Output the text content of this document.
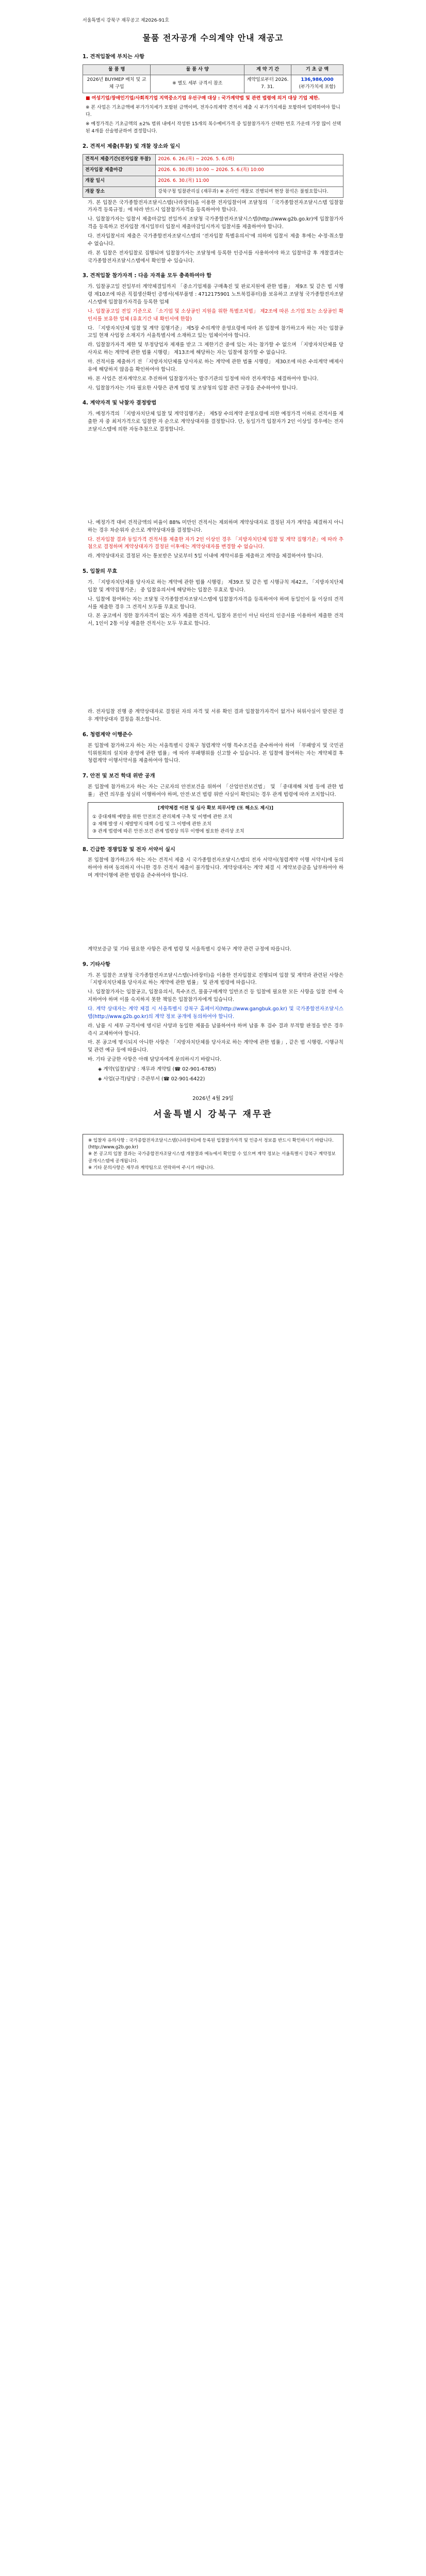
서울특별시 강북구 재무공고 제2026-91호
물품 전자공개 수의계약 안내 재공고
1. 견적입찰에 부치는 사항
물 품 명	물 품 사 양	계 약 기 간	기 초 금 액
2026년 BUYMEP 배치 및 교체 구입	※ 별도 세부 규격서 참조	계약일로부터 2026. 7. 31.	136,986,000
(부가가치세 포함)
■ 여성기업/장애인기업/사회적기업 지역중소기업 우선구매 대상 : 국가계약법 및 관련 법령에 의거 대상 기업 제한.
※ 본 사업은 기초금액에 부가가치세가 포함된 금액이며, 전자수의계약 견적서 제출 시 부가가치세를 포함하여 입력하여야 합니다.
※ 예정가격은 기초금액의 ±2% 범위 내에서 작성한 15개의 복수예비가격 중 입찰참가자가 선택한 번호 가운데 가장 많이 선택된 4개를 산술평균하여 결정합니다.
2. 견적서 제출(투찰) 및 개찰 장소와 일시
견적서 제출기간(전자입찰 투찰)	2026. 6. 26.(목) ~ 2026. 5. 6.(화)
전자입찰 제출마감	2026. 6. 30.(화) 10:00 ~ 2026. 5. 6.(목) 10:00
개찰 일시	2026. 6. 30.(목) 11:00
개찰 장소	강북구청 입찰관리실 (재무과) ※ 온라인 개찰로 진행되며 현장 참석은 불필요합니다.
가. 본 입찰은 국가종합전자조달시스템(나라장터)을 이용한 전자입찰이며 조달청의 「국가종합전자조달시스템 입찰참가자격 등록규정」에 따라 반드시 입찰참가자격을 등록하여야 합니다.
나. 입찰참가자는 입찰서 제출마감일 전일까지 조달청 국가종합전자조달시스템(http://www.g2b.go.kr)에 입찰참가자격을 등록하고 전자입찰 개시일부터 입찰서 제출마감일시까지 입찰서를 제출하여야 합니다.
다. 전자입찰서의 제출은 국가종합전자조달시스템의 ‘전자입찰 특별유의서’에 의하며 입찰서 제출 후에는 수정·취소할 수 없습니다.
라. 본 입찰은 전자입찰로 집행되며 입찰참가자는 조달청에 등록한 인증서를 사용하여야 하고 입찰마감 후 개찰결과는 국가종합전자조달시스템에서 확인할 수 있습니다.
3. 견적입찰 참가자격 : 다음 자격을 모두 충족하여야 함
가. 입찰공고일 전일부터 계약체결일까지 「중소기업제품 구매촉진 및 판로지원에 관한 법률」 제9조 및 같은 법 시행령 제10조에 따른 직접생산확인 증명서(세부품명 : 4712175901 노트북컴퓨터)를 보유하고 조달청 국가종합전자조달시스템에 입찰참가자격을 등록한 업체
나. 입찰공고일 전일 기준으로 「소기업 및 소상공인 지원을 위한 특별조치법」 제2조에 따른 소기업 또는 소상공인 확인서를 보유한 업체 (유효기간 내 확인서에 한함)
다. 「지방자치단체 입찰 및 계약 집행기준」 제5장 수의계약 운영요령에 따라 본 입찰에 참가하고자 하는 자는 입찰공고일 현재 사업장 소재지가 서울특별시에 소재하고 있는 업체이어야 합니다.
라. 입찰참가자격 제한 및 부정당업자 제재를 받고 그 제한기간 중에 있는 자는 참가할 수 없으며 「지방자치단체를 당사자로 하는 계약에 관한 법률 시행령」 제13조에 해당하는 자는 입찰에 참가할 수 없습니다.
마. 견적서를 제출하기 전 「지방자치단체를 당사자로 하는 계약에 관한 법률 시행령」 제30조에 따른 수의계약 배제사유에 해당하지 않음을 확인하여야 합니다.
바. 본 사업은 전자계약으로 추진하며 입찰참가자는 발주기관의 일정에 따라 전자계약을 체결하여야 합니다.
사. 입찰참가자는 기타 필요한 사항은 관계 법령 및 조달청의 입찰 관련 규정을 준수하여야 합니다.
4. 계약자격 및 낙찰자 결정방법
가. 예정가격의 「지방자치단체 입찰 및 계약집행기준」 제5장 수의계약 운영요령에 의한 예정가격 이하로 견적서를 제출한 자 중 최저가격으로 입찰한 자 순으로 계약상대자를 결정합니다. 단, 동일가격 입찰자가 2인 이상일 경우에는 전자조달시스템에 의한 자동추첨으로 결정합니다.
나. 예정가격 대비 견적금액의 비율이 88% 미만인 견적서는 제외하며 계약상대자로 결정된 자가 계약을 체결하지 아니하는 경우 차순위자 순으로 계약상대자를 결정합니다.
다. 전자입찰 결과 동일가격 견적서를 제출한 자가 2인 이상인 경우 「지방자치단체 입찰 및 계약 집행기준」에 따라 추첨으로 결정하며 계약상대자가 결정된 이후에는 계약상대자를 변경할 수 없습니다.
라. 계약상대자로 결정된 자는 통보받은 날로부터 5일 이내에 계약서류를 제출하고 계약을 체결하여야 합니다.
5. 입찰의 무효
가. 「지방자치단체를 당사자로 하는 계약에 관한 법률 시행령」 제39조 및 같은 법 시행규칙 제42조, 「지방자치단체 입찰 및 계약집행기준」 중 입찰유의서에 해당하는 입찰은 무효로 합니다.
나. 입찰에 참여하는 자는 조달청 국가종합전자조달시스템에 입찰참가자격을 등록하여야 하며 동일인이 둘 이상의 견적서를 제출한 경우 그 견적서 모두를 무효로 합니다.
다. 본 공고에서 정한 참가자격이 없는 자가 제출한 견적서, 입찰자 본인이 아닌 타인의 인증서를 이용하여 제출한 견적서, 1인이 2통 이상 제출한 견적서는 모두 무효로 합니다.
라. 전자입찰 진행 중 계약상대자로 결정된 자의 자격 및 서류 확인 결과 입찰참가자격이 없거나 허위사실이 발견된 경우 계약상대자 결정을 취소합니다.
6. 청렴계약 이행준수
본 입찰에 참가하고자 하는 자는 서울특별시 강북구 청렴계약 이행 특수조건을 준수하여야 하며 「부패방지 및 국민권익위원회의 설치와 운영에 관한 법률」에 따라 부패행위를 신고할 수 있습니다. 본 입찰에 참여하는 자는 계약체결 후 청렴계약 이행서약서를 제출하여야 합니다.
7. 안전 및 보건 학대 위반 공개
본 입찰에 참가하고자 하는 자는 근로자의 안전보건을 위하여 「산업안전보건법」 및 「중대재해 처벌 등에 관한 법률」 관련 의무를 성실히 이행하여야 하며, 안전·보건 법령 위반 사실이 확인되는 경우 관계 법령에 따라 조치합니다.
[계약체결 이전 및 심사 확보 의무사항 (또 해소도 제시)]
① 중대재해 예방을 위한 안전보건 관리체계 구축 및 이행에 관한 조치
② 재해 발생 시 재발방지 대책 수립 및 그 이행에 관한 조치
③ 관계 법령에 따른 안전·보건 관계 법령상 의무 이행에 필요한 관리상 조치
8. 긴급한 경쟁입찰 및 전자 서약서 실시
본 입찰에 참가하고자 하는 자는 견적서 제출 시 국가종합전자조달시스템의 전자 서약서(청렴계약 이행 서약서)에 동의하여야 하며 동의하지 아니한 경우 견적서 제출이 불가합니다. 계약상대자는 계약 체결 시 계약보증금을 납부하여야 하며 계약이행에 관한 법령을 준수하여야 합니다.
계약보증금 및 기타 필요한 사항은 관계 법령 및 서울특별시 강북구 계약 관련 규정에 따릅니다.
9. 기타사항
가. 본 입찰은 조달청 국가종합전자조달시스템(나라장터)을 이용한 전자입찰로 진행되며 입찰 및 계약과 관련된 사항은 「지방자치단체를 당사자로 하는 계약에 관한 법률」 및 관계 법령에 따릅니다.
나. 입찰참가자는 입찰공고, 입찰유의서, 특수조건, 물품구매계약 일반조건 등 입찰에 필요한 모든 사항을 입찰 전에 숙지하여야 하며 이를 숙지하지 못한 책임은 입찰참가자에게 있습니다.
다. 계약 상대자는 계약 체결 시 서울특별시 강북구 홈페이지(http://www.gangbuk.go.kr) 및 국가종합전자조달시스템(http://www.g2b.go.kr)의 계약 정보 공개에 동의하여야 합니다.
라. 납품 시 세부 규격서에 명시된 사양과 동일한 제품을 납품하여야 하며 납품 후 검수 결과 부적합 판정을 받은 경우 즉시 교체하여야 합니다.
마. 본 공고에 명시되지 아니한 사항은 「지방자치단체를 당사자로 하는 계약에 관한 법률」, 같은 법 시행령, 시행규칙 및 관련 예규 등에 따릅니다.
바. 기타 궁금한 사항은 아래 담당자에게 문의하시기 바랍니다.
◈ 계약(입찰)담당 : 재무과 계약팀 (☎ 02-901-6785)
◈ 사업(규격)담당 : 주관부서 (☎ 02-901-6422)
2026년 4월 29일
서울특별시 강북구 재무관
※ 입찰자 유의사항 : 국가종합전자조달시스템(나라장터)에 등록된 입찰참가자격 및 인증서 정보를 반드시 확인하시기 바랍니다. (http://www.g2b.go.kr)
※ 본 공고의 입찰 결과는 국가종합전자조달시스템 개찰결과 메뉴에서 확인할 수 있으며 계약 정보는 서울특별시 강북구 계약정보 공개시스템에 공개됩니다.
※ 기타 문의사항은 재무과 계약팀으로 연락하여 주시기 바랍니다.
